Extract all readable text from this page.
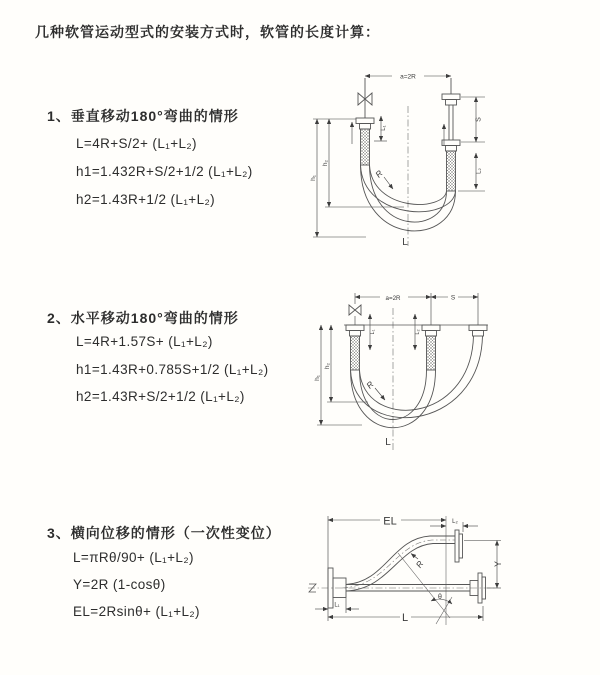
几种软管运动型式的安装方式时，软管的长度计算：
1、垂直移动180°弯曲的情形
L=4R+S/2+ (L₁+L₂)
h1=1.432R+S/2+1/2 (L₁+L₂)
h2=1.43R+1/2 (L₁+L₂)
2、水平移动180°弯曲的情形
L=4R+1.57S+ (L₁+L₂)
h1=1.43R+0.785S+1/2 (L₁+L₂)
h2=1.43R+S/2+1/2 (L₁+L₂)
3、横向位移的情形（一次性变位）
L=πRθ/90+ (L₁+L₂)
Y=2R (1-cosθ)
EL=2Rsinθ+ (L₁+L₂)
a=2R
h₁
h₂
L₁
S
L₂
R
L
a=2R	S
h₁
h₂
L₁	L₂
R
L
EL	L₂
Y
L₁
L
R
θ
